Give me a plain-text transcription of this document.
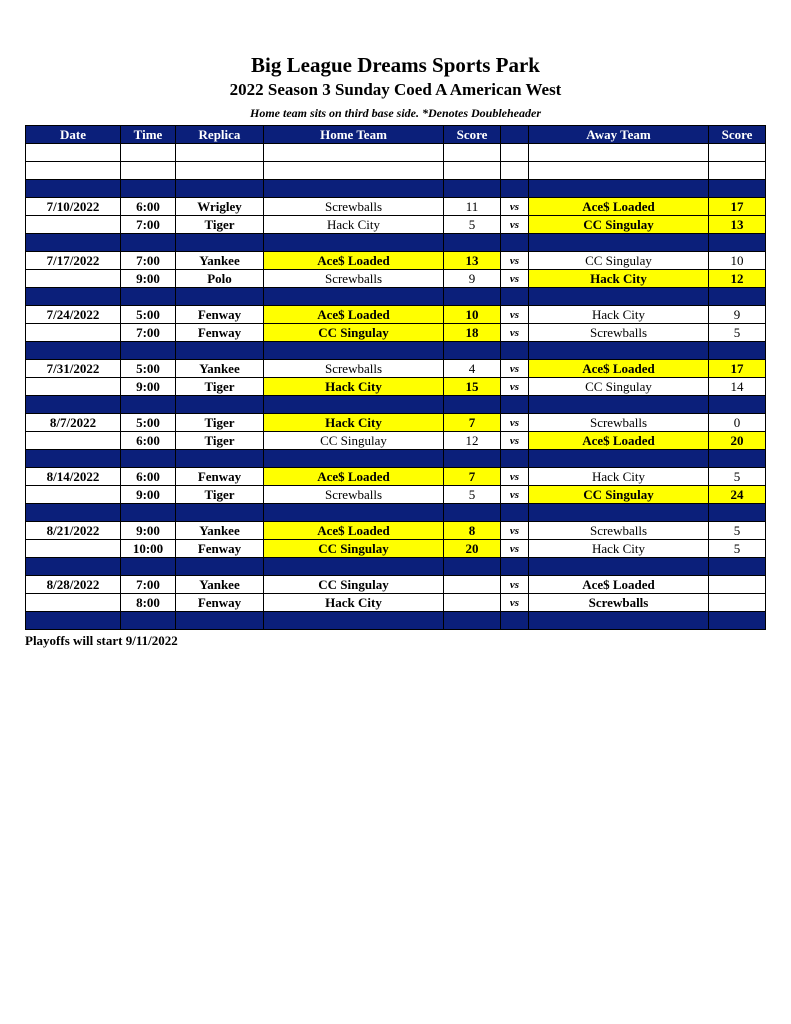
Big League Dreams Sports Park
2022 Season 3 Sunday Coed A American West
Home team sits on third base side. *Denotes Doubleheader
Date	Time	Replica	Home Team	Score		Away Team	Score

7/10/2022	6:00	Wrigley	Screwballs	11	vs	Ace$ Loaded	17
	7:00	Tiger	Hack City	5	vs	CC Singulay	13

7/17/2022	7:00	Yankee	Ace$ Loaded	13	vs	CC Singulay	10
	9:00	Polo	Screwballs	9	vs	Hack City	12

7/24/2022	5:00	Fenway	Ace$ Loaded	10	vs	Hack City	9
	7:00	Fenway	CC Singulay	18	vs	Screwballs	5

7/31/2022	5:00	Yankee	Screwballs	4	vs	Ace$ Loaded	17
	9:00	Tiger	Hack City	15	vs	CC Singulay	14

8/7/2022	5:00	Tiger	Hack City	7	vs	Screwballs	0
	6:00	Tiger	CC Singulay	12	vs	Ace$ Loaded	20

8/14/2022	6:00	Fenway	Ace$ Loaded	7	vs	Hack City	5
	9:00	Tiger	Screwballs	5	vs	CC Singulay	24

8/21/2022	9:00	Yankee	Ace$ Loaded	8	vs	Screwballs	5
	10:00	Fenway	CC Singulay	20	vs	Hack City	5

8/28/2022	7:00	Yankee	CC Singulay		vs	Ace$ Loaded	
	8:00	Fenway	Hack City		vs	Screwballs	

Playoffs will start 9/11/2022
